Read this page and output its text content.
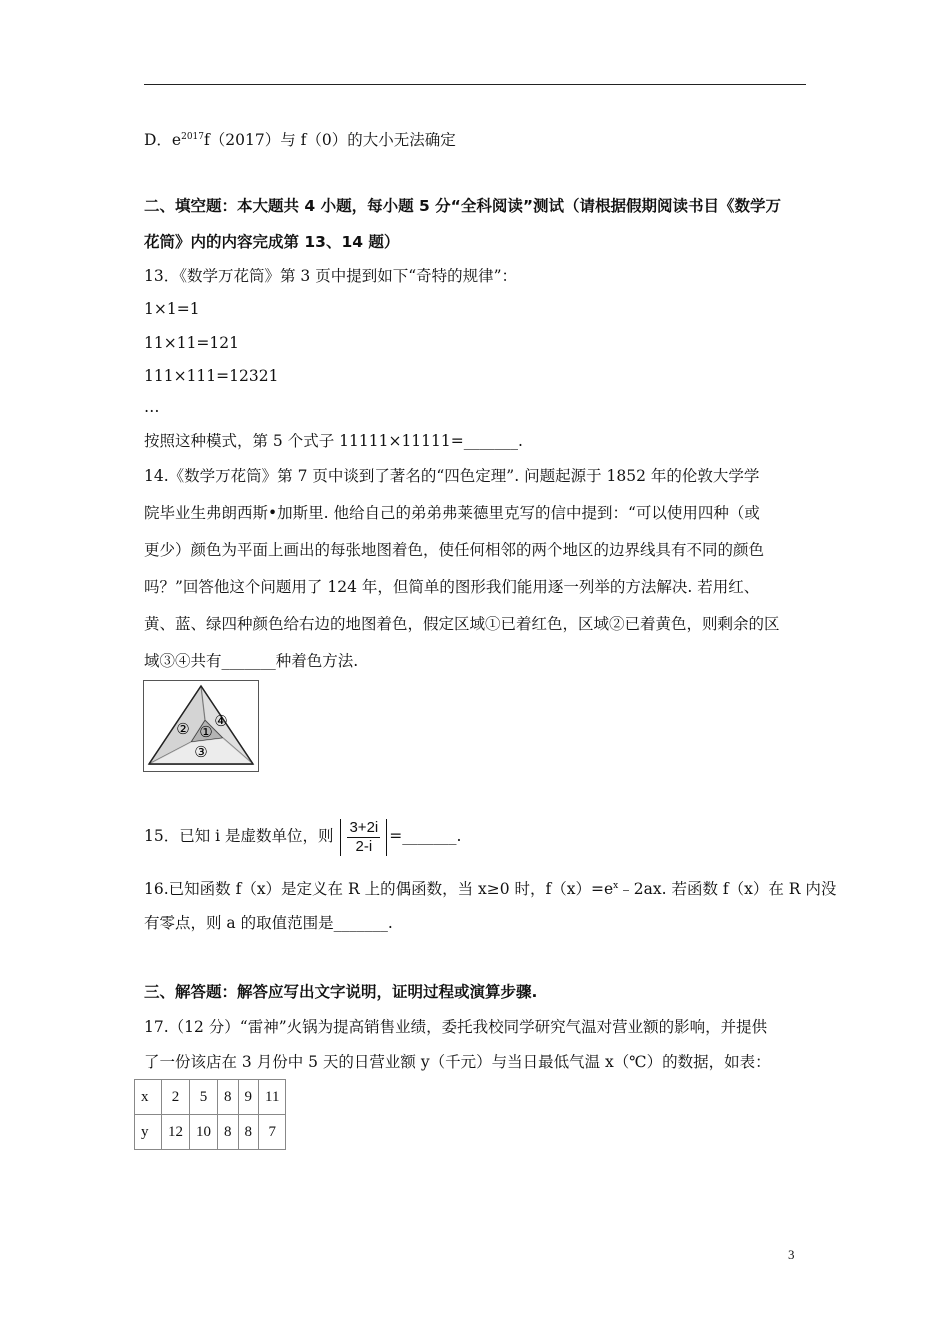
D．$e^{2017}f(2017)$与 f（0）的大小无法确定
二、填空题：本大题共 4 小题，每小题 5 分“全科阅读”测试（请根据假期阅读书目《数学万
花筒》内的内容完成第 13、14 题）
13．《数学万花筒》第 3 页中提到如下“奇特的规律”：
1×1=1
11×11=121
111×111=12321
…
按照这种模式，第 5 个式子 11111×11111=_______.
14.《数学万花筒》第 7 页中谈到了著名的“四色定理”. 问题起源于 1852 年的伦敦大学学
院毕业生弗朗西斯•加斯里. 他给自己的弟弟弗莱德里克写的信中提到：“可以使用四种（或
更少）颜色为平面上画出的每张地图着色，使任何相邻的两个地区的边界线具有不同的颜色
吗？”回答他这个问题用了 124 年，但简单的图形我们能用逐一列举的方法解决. 若用红、
黄、蓝、绿四种颜色给右边的地图着色，假定区域①已着红色，区域②已着黄色，则剩余的区
域③④共有_______种着色方法.
①
②
③
④
15．已知 i 是虚数单位，则 $\frac{3+2i}{2-i}$ =_______.
16.已知函数 f（x）是定义在 R 上的偶函数，当 x≥0 时，$f(x)=e^x﹣2ax$. 若函数 f（x）在 R 内没
有零点，则 a 的取值范围是_______.
三、解答题：解答应写出文字说明，证明过程或演算步骤.
17.（12 分）“雷神”火锅为提高销售业绩，委托我校同学研究气温对营业额的影响，并提供
了一份该店在 3 月份中 5 天的日营业额 y（千元）与当日最低气温 x（℃）的数据，如表：
x	2	5	8	9	11
y	12	10	8	8	7
3
